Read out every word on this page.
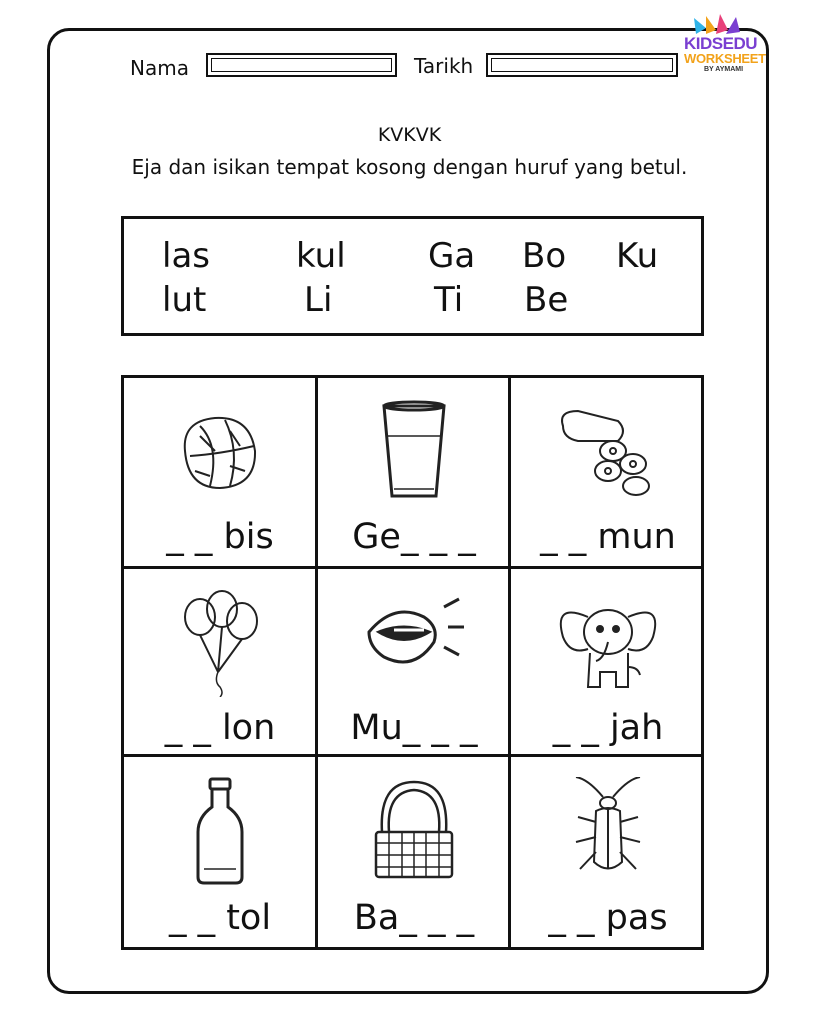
Nama	Tarikh
KIDSEDU
WORKSHEET
BY AYMAMI
KVKVK
Eja dan isikan tempat kosong dengan huruf yang betul.
las	kul Ga Bo Ku
lut	Li	Ti Be
_ _ bis	Ge_ _ _	_ _ mun
_ _ lon	Mu_ _ _	_ _ jah
_ _ tol	Ba_ _ _	_ _ pas
